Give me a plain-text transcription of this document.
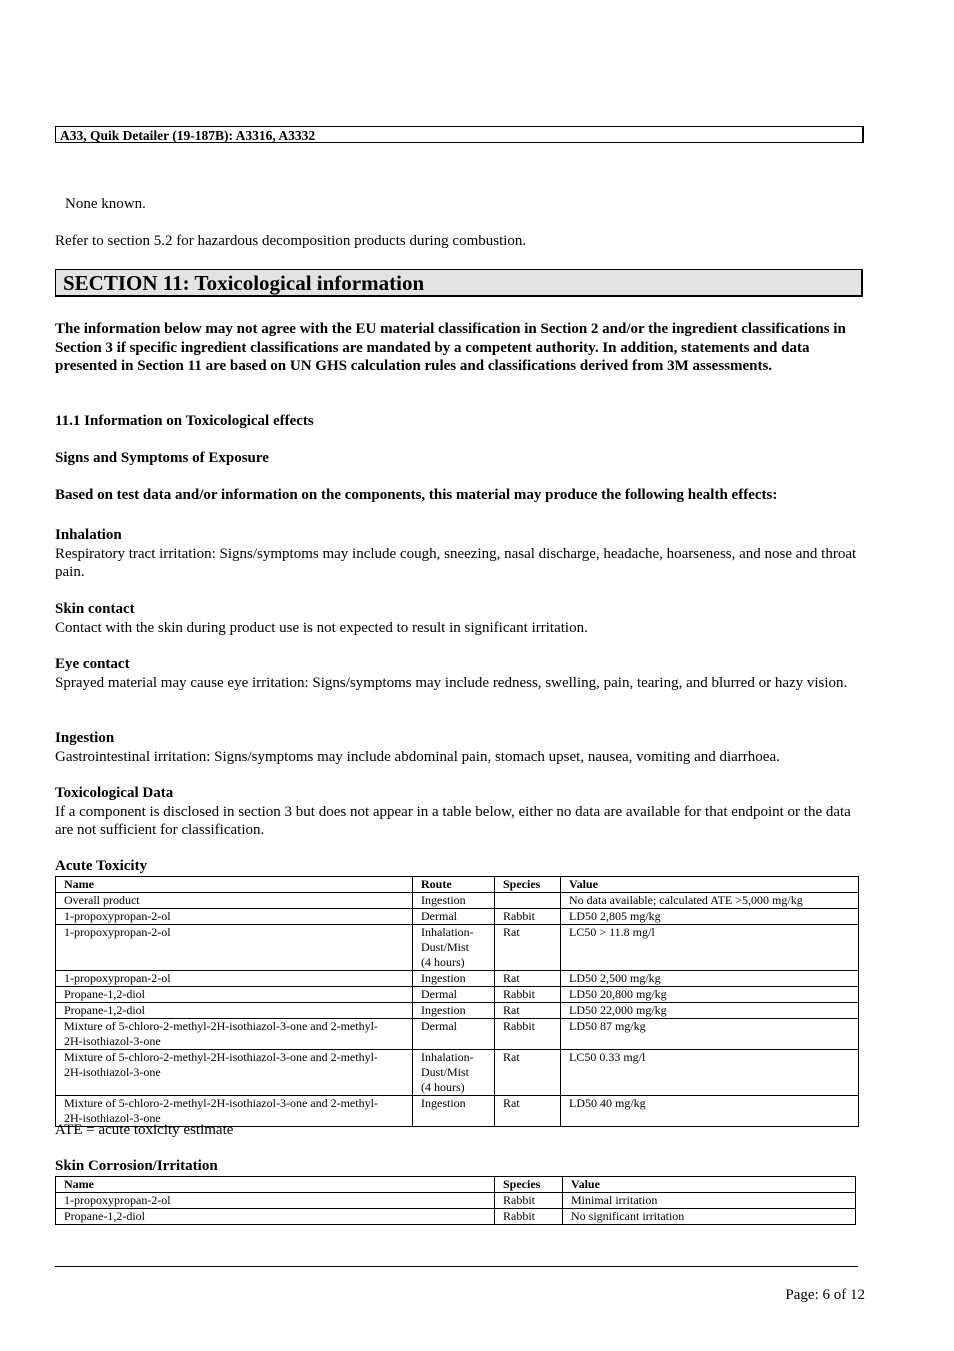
A33, Quik Detailer (19-187B): A3316, A3332
None known.
Refer to section 5.2 for hazardous decomposition products during combustion.
SECTION 11: Toxicological information
The information below may not agree with the EU material classification in Section 2 and/or the ingredient classifications in Section 3 if specific ingredient classifications are mandated by a competent authority. In addition, statements and data presented in Section 11 are based on UN GHS calculation rules and classifications derived from 3M assessments.
11.1 Information on Toxicological effects
Signs and Symptoms of Exposure
Based on test data and/or information on the components, this material may produce the following health effects:
Inhalation
Respiratory tract irritation: Signs/symptoms may include cough, sneezing, nasal discharge, headache, hoarseness, and nose and throat pain.
Skin contact
Contact with the skin during product use is not expected to result in significant irritation.
Eye contact
Sprayed material may cause eye irritation: Signs/symptoms may include redness, swelling, pain, tearing, and blurred or hazy vision.
Ingestion
Gastrointestinal irritation: Signs/symptoms may include abdominal pain, stomach upset, nausea, vomiting and diarrhoea.
Toxicological Data
If a component is disclosed in section 3 but does not appear in a table below, either no data are available for that endpoint or the data are not sufficient for classification.
Acute Toxicity
Name	Route	Species	Value
Overall product	Ingestion		No data available; calculated ATE >5,000 mg/kg
1-propoxypropan-2-ol	Dermal	Rabbit	LD50 2,805 mg/kg
1-propoxypropan-2-ol	Inhalation-
Dust/Mist
(4 hours)	Rat	LC50 > 11.8 mg/l
1-propoxypropan-2-ol	Ingestion	Rat	LD50 2,500 mg/kg
Propane-1,2-diol	Dermal	Rabbit	LD50 20,800 mg/kg
Propane-1,2-diol	Ingestion	Rat	LD50 22,000 mg/kg
Mixture of 5-chloro-2-methyl-2H-isothiazol-3-one and 2-methyl-
2H-isothiazol-3-one	Dermal	Rabbit	LD50 87 mg/kg
Mixture of 5-chloro-2-methyl-2H-isothiazol-3-one and 2-methyl-
2H-isothiazol-3-one	Inhalation-
Dust/Mist
(4 hours)	Rat	LC50 0.33 mg/l
Mixture of 5-chloro-2-methyl-2H-isothiazol-3-one and 2-methyl-
2H-isothiazol-3-one	Ingestion	Rat	LD50 40 mg/kg
ATE = acute toxicity estimate
Skin Corrosion/Irritation
Name	Species	Value
1-propoxypropan-2-ol	Rabbit	Minimal irritation
Propane-1,2-diol	Rabbit	No significant irritation
Page: 6 of 12
